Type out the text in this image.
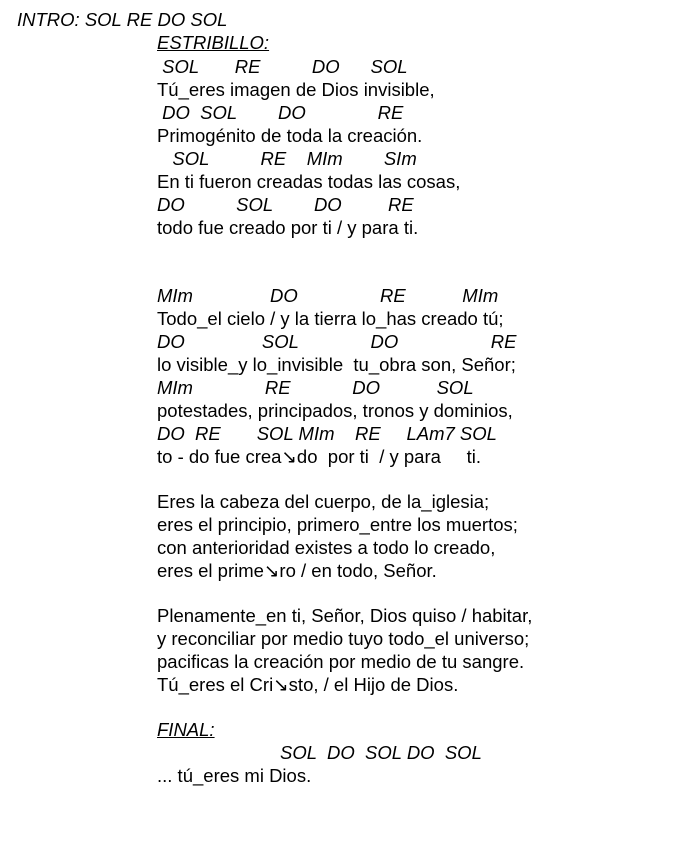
INTRO: SOL RE DO SOL
ESTRIBILLO:
SOL       RE          DO      SOL
Tú_eres imagen de Dios invisible,
DO  SOL        DO              RE
Primogénito de toda la creación.
SOL          RE    MIm        SIm
En ti fueron creadas todas las cosas,
DO          SOL        DO         RE
todo fue creado por ti / y para ti.
MIm               DO                RE           MIm
Todo_el cielo / y la tierra lo_has creado tú;
DO               SOL              DO                  RE
lo visible_y lo_invisible  tu_obra son, Señor;
MIm              RE            DO           SOL
potestades, principados, tronos y dominios,
DO  RE       SOL MIm    RE     LAm7 SOL
to - do fue crea↘do  por ti  / y para     ti.
Eres la cabeza del cuerpo, de la_iglesia;
eres el principio, primero_entre los muertos;
con anterioridad existes a todo lo creado,
eres el prime↘ro / en todo, Señor.
Plenamente_en ti, Señor, Dios quiso / habitar,
y reconciliar por medio tuyo todo_el universo;
pacificas la creación por medio de tu sangre.
Tú_eres el Cri↘sto, / el Hijo de Dios.
FINAL:
SOL  DO  SOL DO  SOL
... tú_eres mi Dios.
